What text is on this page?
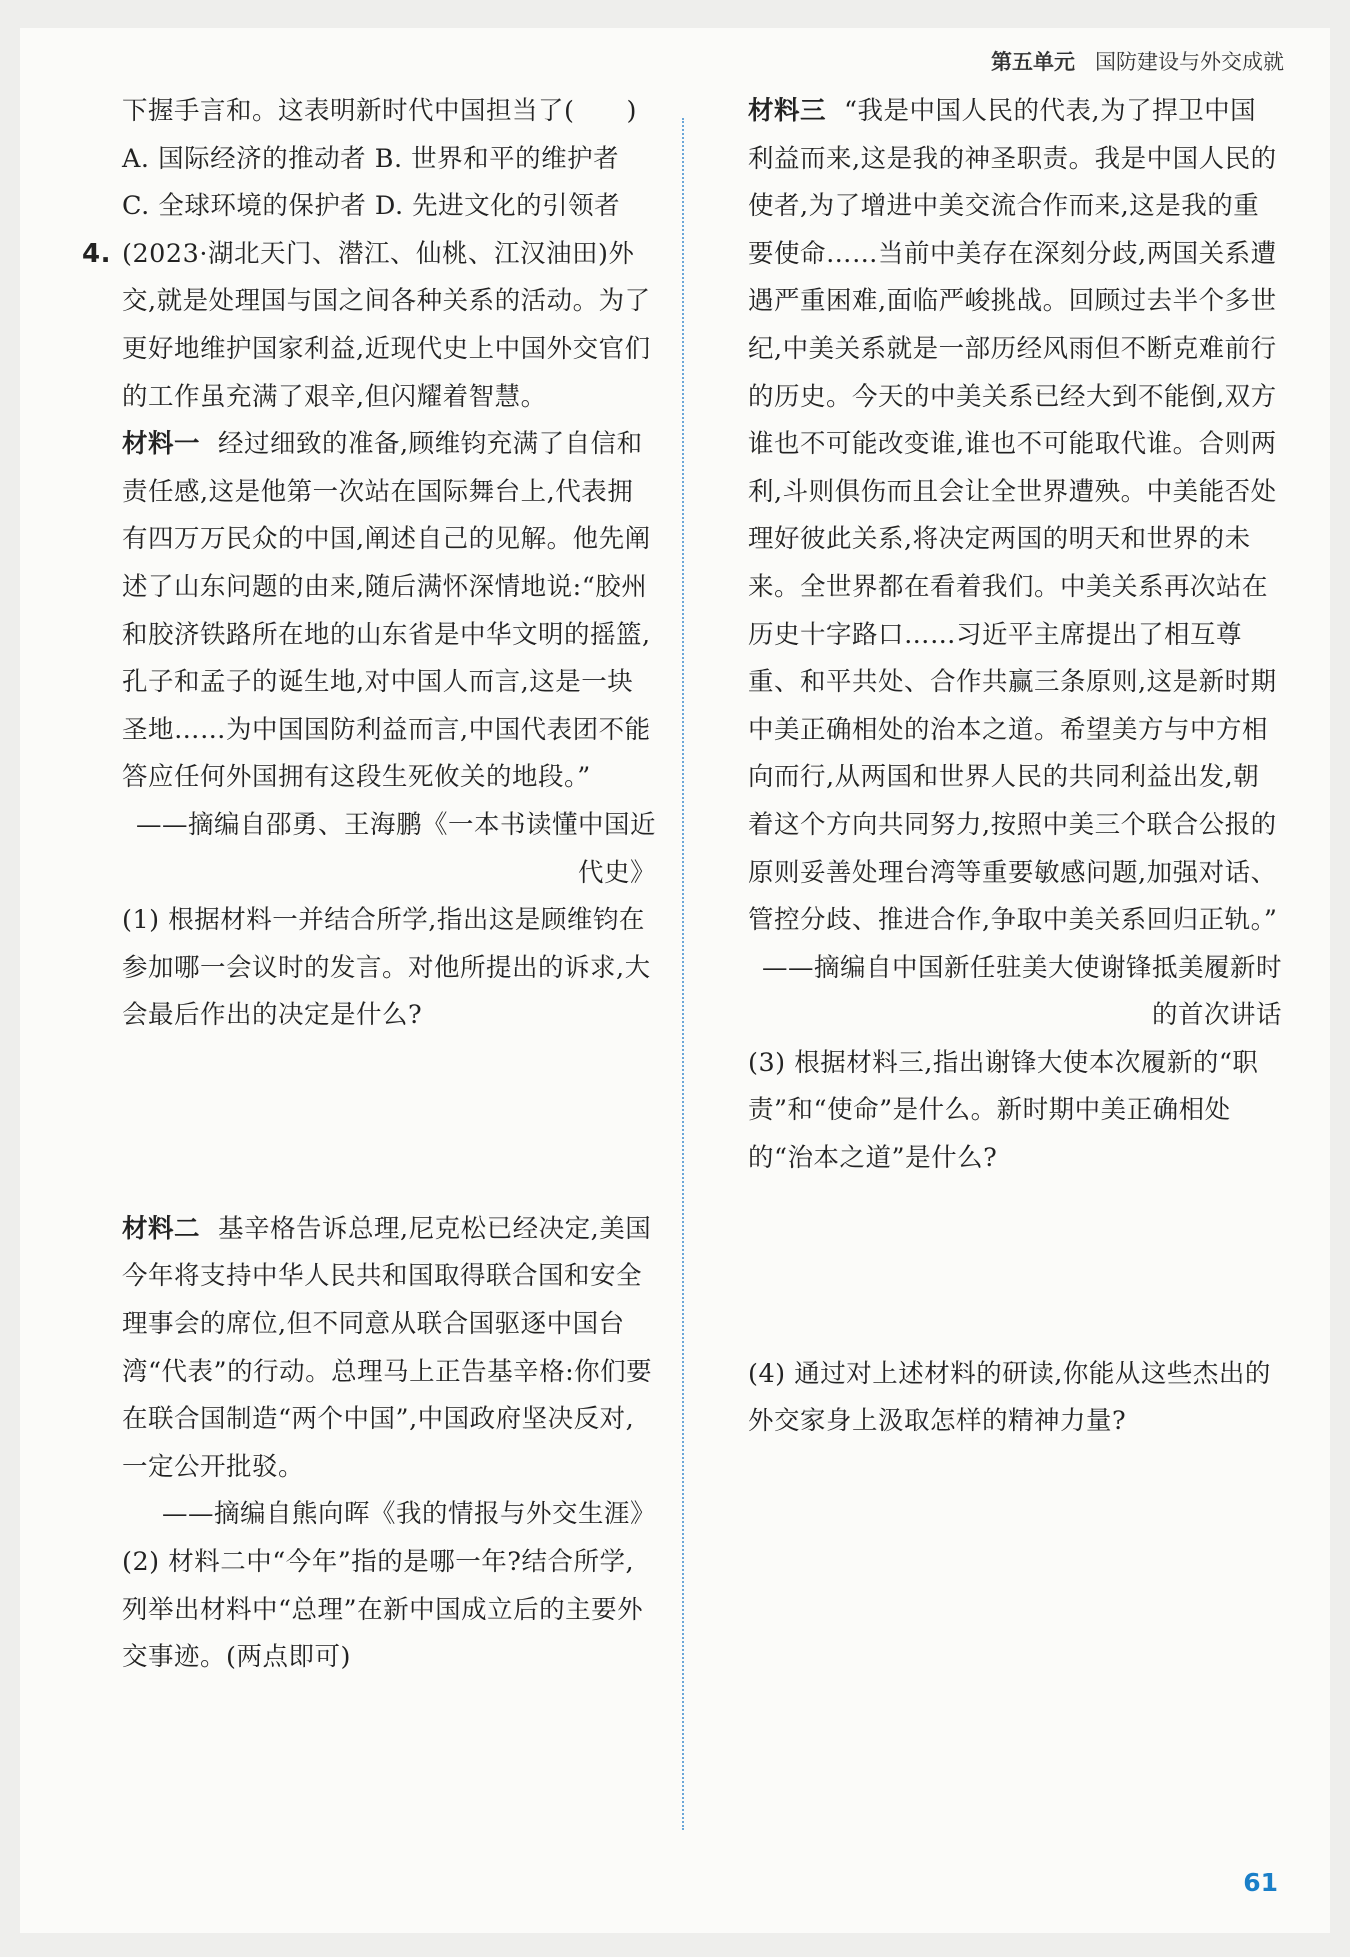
第五单元 国防建设与外交成就

下握手言和。这表明新时代中国担当了(　　)

A. 国际经济的推动者 B. 世界和平的维护者

C. 全球环境的保护者 D. 先进文化的引领者

4. (2023·湖北天门、潜江、仙桃、江汉油田)外交,就是处理国与国之间各种关系的活动。为了更好地维护国家利益,近现代史上中国外交官们的工作虽充满了艰辛,但闪耀着智慧。

材料一 经过细致的准备,顾维钧充满了自信和责任感,这是他第一次站在国际舞台上,代表拥有四万万民众的中国,阐述自己的见解。他先阐述了山东问题的由来,随后满怀深情地说:“胶州和胶济铁路所在地的山东省是中华文明的摇篮,孔子和孟子的诞生地,对中国人而言,这是一块圣地……为中国国防利益而言,中国代表团不能答应任何外国拥有这段生死攸关的地段。”

——摘编自邵勇、王海鹏《一本书读懂中国近代史》

(1) 根据材料一并结合所学,指出这是顾维钧在参加哪一会议时的发言。对他所提出的诉求,大会最后作出的决定是什么?

材料二 基辛格告诉总理,尼克松已经决定,美国今年将支持中华人民共和国取得联合国和安全理事会的席位,但不同意从联合国驱逐中国台湾“代表”的行动。总理马上正告基辛格:你们要在联合国制造“两个中国”,中国政府坚决反对,一定公开批驳。

——摘编自熊向晖《我的情报与外交生涯》

(2) 材料二中“今年”指的是哪一年?结合所学,列举出材料中“总理”在新中国成立后的主要外交事迹。(两点即可)

材料三 “我是中国人民的代表,为了捍卫中国利益而来,这是我的神圣职责。我是中国人民的使者,为了增进中美交流合作而来,这是我的重要使命……当前中美存在深刻分歧,两国关系遭遇严重困难,面临严峻挑战。回顾过去半个多世纪,中美关系就是一部历经风雨但不断克难前行的历史。今天的中美关系已经大到不能倒,双方谁也不可能改变谁,谁也不可能取代谁。合则两利,斗则俱伤而且会让全世界遭殃。中美能否处理好彼此关系,将决定两国的明天和世界的未来。全世界都在看着我们。中美关系再次站在历史十字路口……习近平主席提出了相互尊重、和平共处、合作共赢三条原则,这是新时期中美正确相处的治本之道。希望美方与中方相向而行,从两国和世界人民的共同利益出发,朝着这个方向共同努力,按照中美三个联合公报的原则妥善处理台湾等重要敏感问题,加强对话、管控分歧、推进合作,争取中美关系回归正轨。”

——摘编自中国新任驻美大使谢锋抵美履新时的首次讲话

(3) 根据材料三,指出谢锋大使本次履新的“职责”和“使命”是什么。新时期中美正确相处的“治本之道”是什么?

(4) 通过对上述材料的研读,你能从这些杰出的外交家身上汲取怎样的精神力量?

61
